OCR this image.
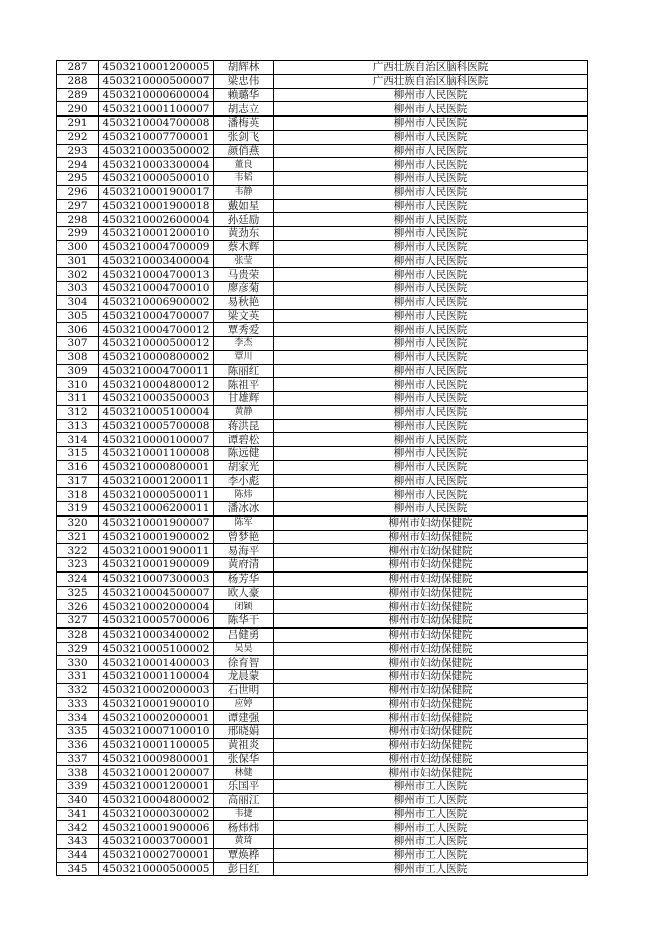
287	4503210001200005	胡辉林	广西壮族自治区脑科医院
288	4503210000500007	梁忠伟	广西壮族自治区脑科医院
289	4503210000600004	赖璐华	柳州市人民医院
290	4503210001100007	胡志立	柳州市人民医院
291	4503210004700008	潘梅英	柳州市人民医院
292	4503210007700001	张剑飞	柳州市人民医院
293	4503210003500002	颜俏燕	柳州市人民医院
294	4503210003300004	董良	柳州市人民医院
295	4503210000500010	韦韬	柳州市人民医院
296	4503210001900017	韦静	柳州市人民医院
297	4503210001900018	戴如星	柳州市人民医院
298	4503210002600004	孙廷励	柳州市人民医院
299	4503210001200010	黄劲东	柳州市人民医院
300	4503210004700009	蔡木辉	柳州市人民医院
301	4503210003400004	张莹	柳州市人民医院
302	4503210004700013	马贵荣	柳州市人民医院
303	4503210004700010	廖彦菊	柳州市人民医院
304	4503210006900002	易秋艳	柳州市人民医院
305	4503210004700007	梁文英	柳州市人民医院
306	4503210004700012	覃秀爱	柳州市人民医院
307	4503210000500012	李杰	柳州市人民医院
308	4503210000800002	覃川	柳州市人民医院
309	4503210004700011	陈丽红	柳州市人民医院
310	4503210004800012	陈祖平	柳州市人民医院
311	4503210003500003	甘雄辉	柳州市人民医院
312	4503210005100004	黄静	柳州市人民医院
313	4503210005700008	蒋洪昆	柳州市人民医院
314	4503210000100007	谭碧松	柳州市人民医院
315	4503210001100008	陈远健	柳州市人民医院
316	4503210000800001	胡家光	柳州市人民医院
317	4503210001200011	李小彪	柳州市人民医院
318	4503210000500011	陈炜	柳州市人民医院
319	4503210006200011	潘冰冰	柳州市人民医院
320	4503210001900007	陈军	柳州市妇幼保健院
321	4503210001900002	曾梦艳	柳州市妇幼保健院
322	4503210001900011	易海平	柳州市妇幼保健院
323	4503210001900009	黄府清	柳州市妇幼保健院
324	4503210007300003	杨芳华	柳州市妇幼保健院
325	4503210004500007	欧人豪	柳州市妇幼保健院
326	4503210002000004	闭颖	柳州市妇幼保健院
327	4503210005700006	陈华干	柳州市妇幼保健院
328	4503210003400002	吕健勇	柳州市妇幼保健院
329	4503210005100002	吴昊	柳州市妇幼保健院
330	4503210001400003	徐育智	柳州市妇幼保健院
331	4503210001100004	龙晨蒙	柳州市妇幼保健院
332	4503210002000003	石世明	柳州市妇幼保健院
333	4503210001900010	应婷	柳州市妇幼保健院
334	4503210002000001	谭建强	柳州市妇幼保健院
335	4503210007100010	邢晓娟	柳州市妇幼保健院
336	4503210001100005	黄祖炎	柳州市妇幼保健院
337	4503210009800001	张保华	柳州市妇幼保健院
338	4503210001200007	林健	柳州市妇幼保健院
339	4503210001200001	乐国平	柳州市工人医院
340	4503210004800002	高丽江	柳州市工人医院
341	4503210000300002	韦捷	柳州市工人医院
342	4503210001900006	杨炜炜	柳州市工人医院
343	4503210003700001	黄琦	柳州市工人医院
344	4503210002700001	覃焕桦	柳州市工人医院
345	4503210000500005	彭日红	柳州市工人医院
